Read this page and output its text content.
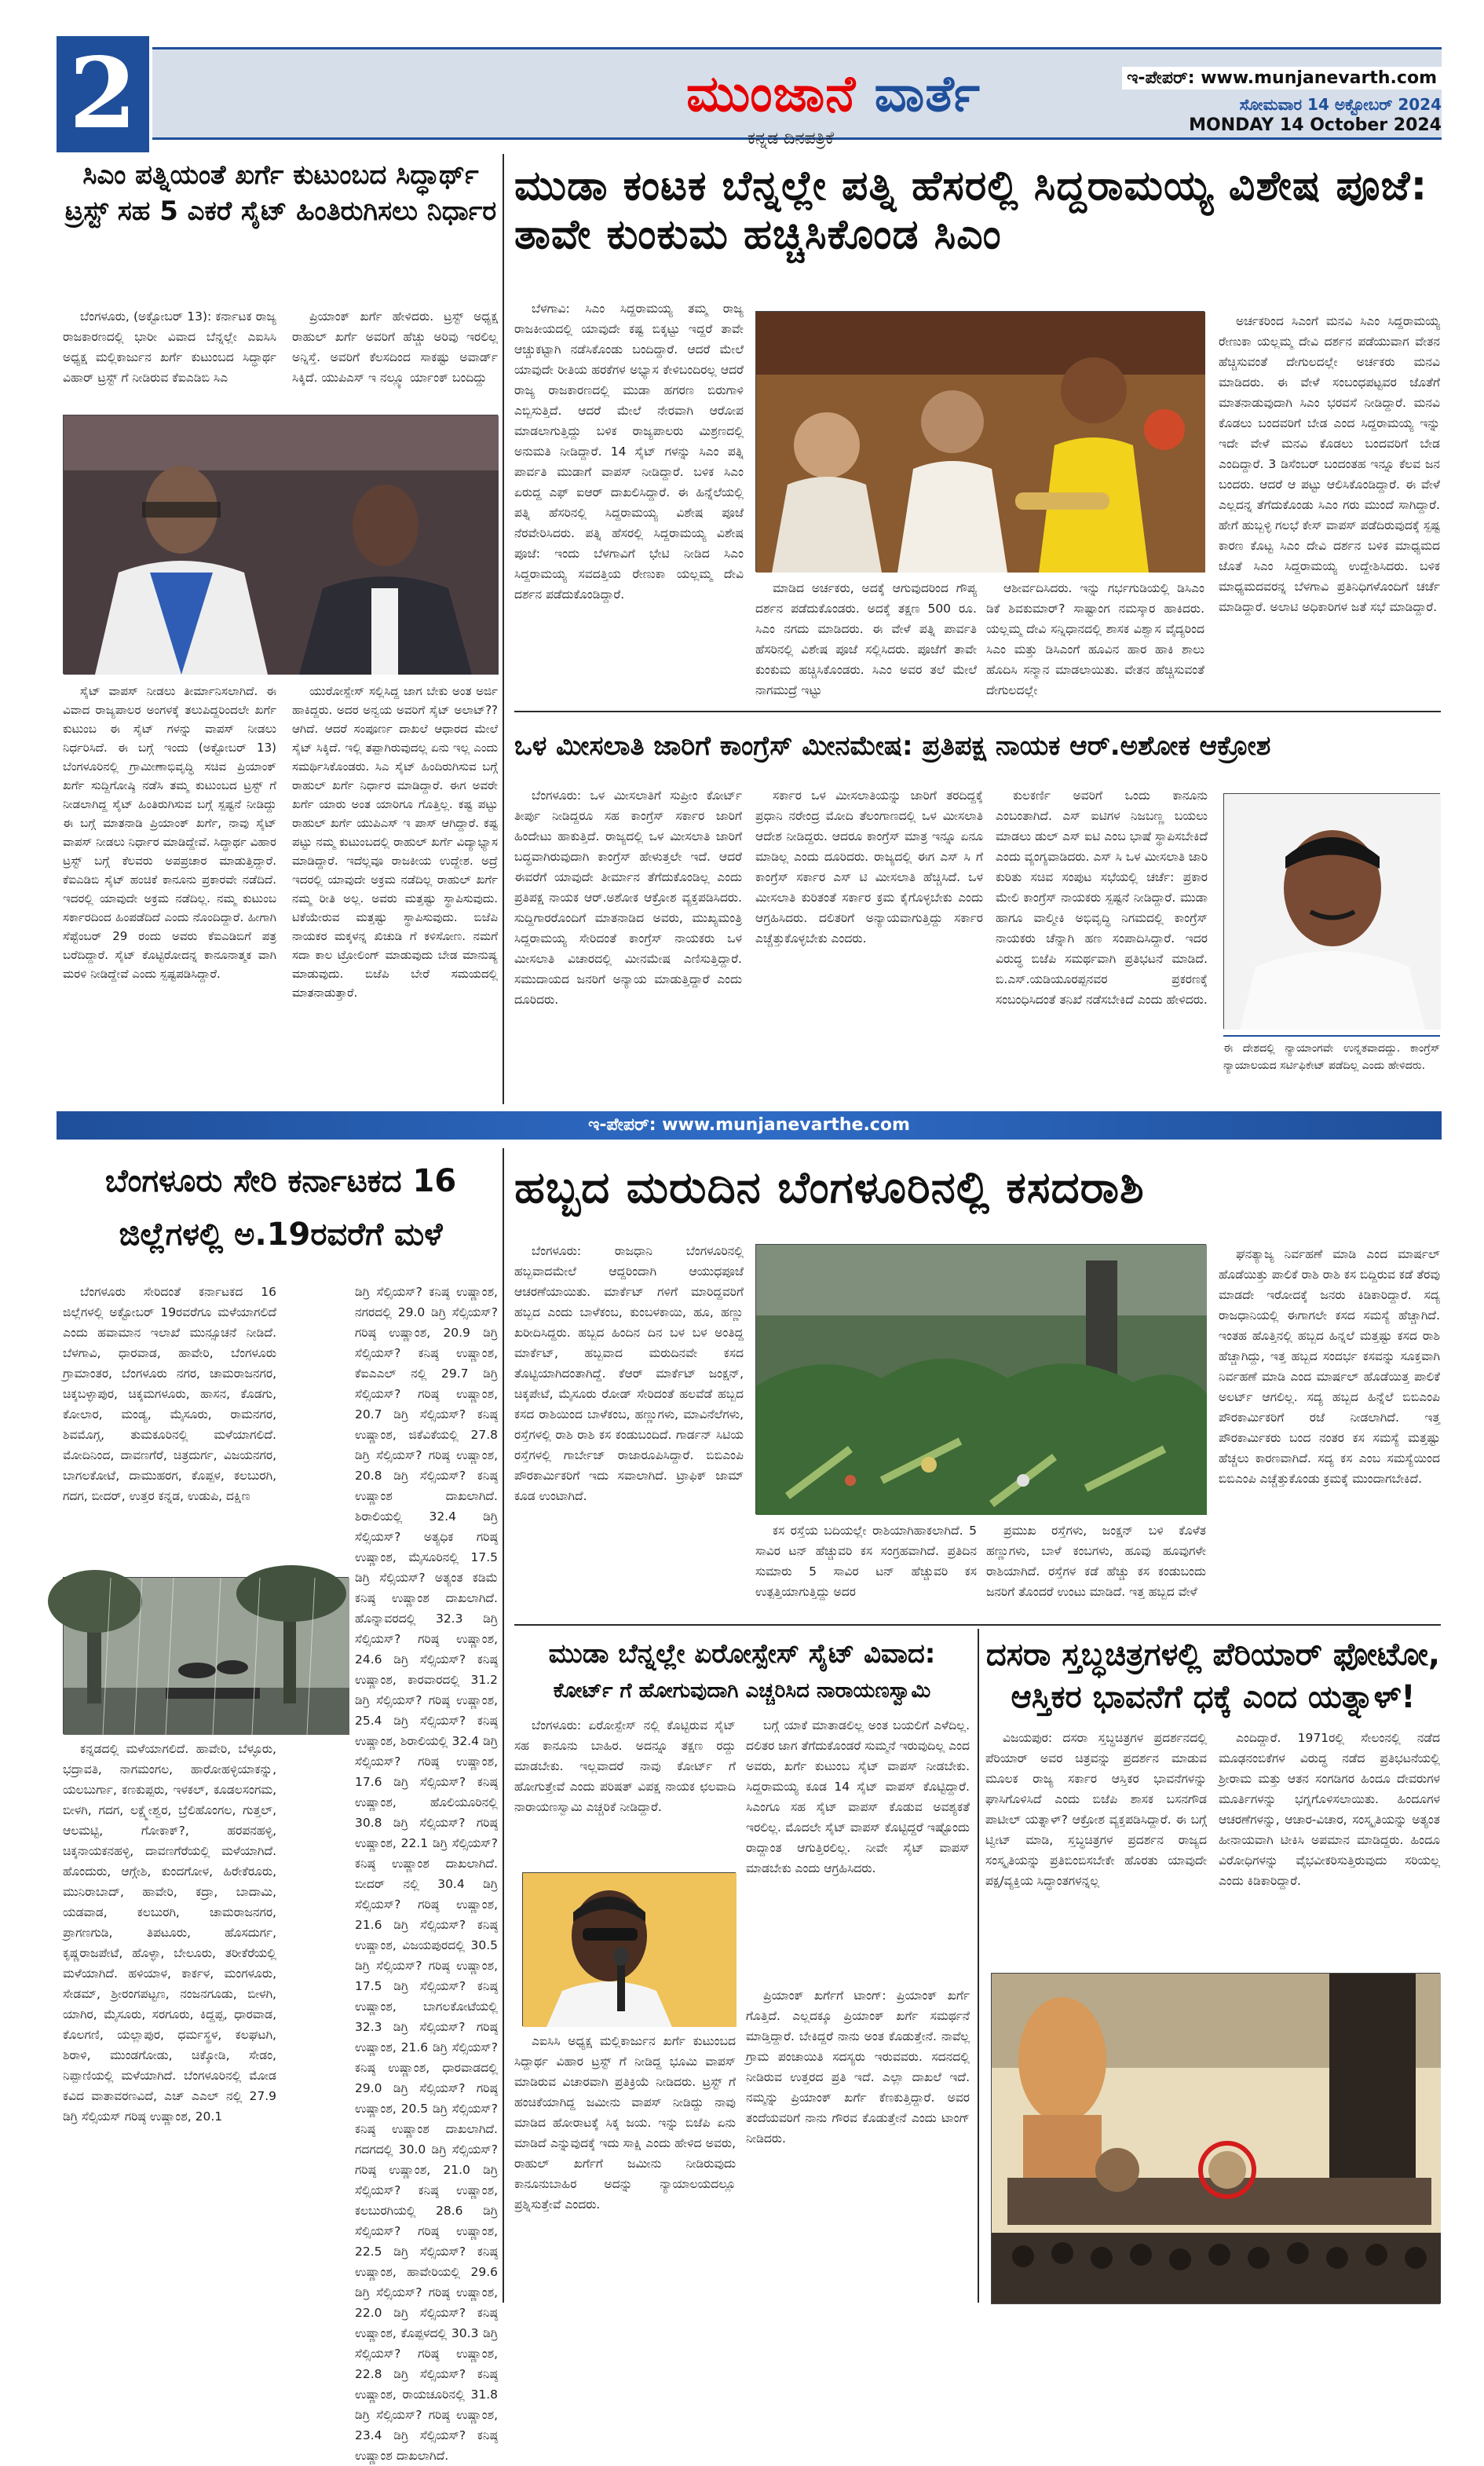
2	ಮುಂಜಾನೆ ವಾರ್ತೆ	ಇ-ಪೇಪರ್: www.munjanevarth.com
ಸೋಮವಾರ 14 ಅಕ್ಟೋಬರ್ 2024
MONDAY 14 October 2024
ಕನ್ನಡ ದಿನಪತ್ರಿಕೆ
ಸಿಎಂ ಪತ್ನಿಯಂತೆ ಖರ್ಗೆ ಕುಟುಂಬದ ಸಿದ್ಧಾರ್ಥ್ ಟ್ರಸ್ಟ್ ಸಹ 5 ಎಕರೆ ಸೈಟ್ ಹಿಂತಿರುಗಿಸಲು ನಿರ್ಧಾರ

ಬೆಂಗಳೂರು, (ಅಕ್ಟೋಬರ್ 13): ಕರ್ನಾಟಕ ರಾಜ್ಯ ರಾಜಕಾರಣದಲ್ಲಿ ಭಾರೀ ವಿವಾದ ಬೆನ್ನಲ್ಲೇ ಎಐಸಿಸಿ ಅಧ್ಯಕ್ಷ ಮಲ್ಲಿಕಾರ್ಜುನ ಖರ್ಗೆ ಕುಟುಂಬದ ಸಿದ್ಧಾರ್ಥ ವಿಹಾರ್ ಟ್ರಸ್ಟ್ ಗೆ ನೀಡಿರುವ ಕೆಐಎಡಿಬಿ ಸಿಎ

ಪ್ರಿಯಾಂಕ್ ಖರ್ಗೆ ಹೇಳಿದರು. ಟ್ರಸ್ಟ್ ಅಧ್ಯಕ್ಷ ರಾಹುಲ್ ಖರ್ಗೆ ಅವರಿಗೆ ಹೆಚ್ಚು ಅರಿವು ಇರಲಿಲ್ಲ ಅನ್ನಿಸ್ತೆ. ಅವರಿಗೆ ಕೆಲಸದಿಂದ ಸಾಕಷ್ಟು ಅವಾರ್ಡ್ ಸಿಕ್ಕಿದೆ. ಯುಪಿಎಸ್ ಇ ನಲ್ಲ್ಯೂ ರ್ಯಾಂಕ್ ಬಂದಿದ್ದು

ಸೈಟ್ ವಾಪಸ್ ನೀಡಲು ತೀರ್ಮಾನಿಸಲಾಗಿದೆ. ಈ ವಿವಾದ ರಾಜ್ಯಪಾಲರ ಅಂಗಳಕ್ಕೆ ತಲುಪಿದ್ದರಿಂದಲೇ ಖರ್ಗೆ ಕುಟುಂಬ ಈ ಸೈಟ್ ಗಳನ್ನು ವಾಪಸ್ ನೀಡಲು ನಿರ್ಧರಿಸಿದೆ. ಈ ಬಗ್ಗೆ ಇಂದು (ಅಕ್ಟೋಬರ್ 13) ಬೆಂಗಳೂರಿನಲ್ಲಿ ಗ್ರಾಮೀಣಾಭಿವೃದ್ಧಿ ಸಚಿವ ಪ್ರಿಯಾಂಕ್ ಖರ್ಗೆ ಸುದ್ದಿಗೋಷ್ಠಿ ನಡೆಸಿ ತಮ್ಮ ಕುಟುಂಬದ ಟ್ರಸ್ಟ್ ಗೆ ನೀಡಲಾಗಿದ್ದ ಸೈಟ್ ಹಿಂತಿರುಗಿಸುವ ಬಗ್ಗೆ ಸ್ಪಷ್ಟನೆ ನೀಡಿದ್ದು ಈ ಬಗ್ಗೆ ಮಾತನಾಡಿ ಪ್ರಿಯಾಂಕ್ ಖರ್ಗೆ, ನಾವು ಸೈಟ್ ವಾಪಸ್ ನೀಡಲು ನಿರ್ಧಾರ ಮಾಡಿದ್ದೇವೆ. ಸಿದ್ಧಾರ್ಥ ವಿಹಾರ ಟ್ರಸ್ಟ್ ಬಗ್ಗೆ ಕೆಲವರು ಅಪಪ್ರಚಾರ ಮಾಡುತ್ತಿದ್ದಾರೆ. ಕೆಐಎಡಿಬಿ ಸೈಟ್ ಹಂಚಿಕೆ ಕಾನೂನು ಪ್ರಕಾರವೇ ನಡೆದಿದೆ. ಇದರಲ್ಲಿ ಯಾವುದೇ ಅಕ್ರಮ ನಡೆದಿಲ್ಲ. ನಮ್ಮ ಕುಟುಂಬ ಸರ್ಕಾರದಿಂದ ಹಿಂಪಡೆದಿದೆ ಎಂದು ನೊಂದಿದ್ದಾರೆ. ಹೀಗಾಗಿ ಸೆಪ್ಟೆಂಬರ್ 29 ರಂದು ಅವರು ಕೆಐಎಡಿಬಿಗೆ ಪತ್ರ ಬರೆದಿದ್ದಾರೆ. ಸೈಟ್ ಕೊಟ್ಟಿರೋದನ್ನ ಕಾನೂನಾತ್ಮಕ ವಾಗಿ ಮರಳಿ ನೀಡಿದ್ದೇವೆ ಎಂದು ಸ್ಪಷ್ಟಪಡಿಸಿದ್ದಾರೆ.

ಯುರೋಸ್ಪೇಸ್ ಸಲ್ಲಿಸಿದ್ದ ಜಾಗ ಬೇಕು ಅಂತ ಅರ್ಜಿ ಹಾಕಿದ್ದರು. ಅದರ ಅನ್ವಯ ಅವರಿಗೆ ಸೈಟ್ ಅಲಾಟ್?? ಆಗಿದೆ. ಆದರೆ ಸಂಪೂರ್ಣ ದಾಖಲೆ ಆಧಾರದ ಮೇಲೆ ಸೈಟ್ ಸಿಕ್ಕಿದೆ. ಇಲ್ಲಿ ತಪ್ಪಾಗಿರುವುದಲ್ಲ ಏನು ಇಲ್ಲ ಎಂದು ಸಮರ್ಥಿಸಿಕೊಂಡರು. ಸಿಎ ಸೈಟ್ ಹಿಂದಿರುಗಿಸುವ ಬಗ್ಗೆ ರಾಹುಲ್ ಖರ್ಗೆ ನಿರ್ಧಾರ ಮಾಡಿದ್ದಾರೆ. ಈಗ ಅವರೇ ಖರ್ಗೆ ಯಾರು ಅಂತ ಯಾರಿಗೂ ಗೊತ್ತಿಲ್ಲ. ಕಷ್ಟ ಪಟ್ಟು ರಾಹುಲ್ ಖರ್ಗೆ ಯುಪಿಎಸ್ ಇ ಪಾಸ್ ಆಗಿದ್ದಾರೆ. ಕಷ್ಟ ಪಟ್ಟು ನಮ್ಮ ಕುಟುಂಬದಲ್ಲಿ ರಾಹುಲ್ ಖರ್ಗೆ ವಿದ್ಯಾಭ್ಯಾಸ ಮಾಡಿದ್ದಾರೆ. ಇದೆಲ್ಲವೂ ರಾಜಕೀಯ ಉದ್ದೇಶ. ಅದ್ರೆ ಇದರಲ್ಲಿ ಯಾವುದೇ ಅಕ್ರಮ ನಡೆದಿಲ್ಲ ರಾಹುಲ್ ಖರ್ಗೆ ನಮ್ಮ ರೀತಿ ಅಲ್ಲ. ಅವರು ಮತ್ತಷ್ಟು ಸ್ಥಾಪಿಸುವುದು. ಟಿಕೆಯೇರುವ ಮತ್ತಷ್ಟು ಸ್ಥಾಪಿಸುವುದು. ಬಿಜೆಪಿ ನಾಯಕರ ಮಕ್ಕಳನ್ನ ಖಿಚುಡಿ ಗೆ ಕಳಿಸೋಣ. ನಮಗೆ ಸದಾ ಕಾಲ ಟ್ರೋಲಿಂಗ್ ಮಾಡುವುದು ಬೇಡ ಮಾನುಷ್ಯ ಮಾಡುವುದು. ಬಿಜೆಪಿ ಬೇರೆ ಸಮಯದಲ್ಲಿ ಮಾತನಾಡುತ್ತಾರೆ.

ಮುಡಾ ಕಂಟಕ ಬೆನ್ನಲ್ಲೇ ಪತ್ನಿ ಹೆಸರಲ್ಲಿ ಸಿದ್ದರಾಮಯ್ಯ ವಿಶೇಷ ಪೂಜೆ: ತಾವೇ ಕುಂಕುಮ ಹಚ್ಚಿಸಿಕೊಂಡ ಸಿಎಂ

ಬೆಳಗಾವಿ: ಸಿಎಂ ಸಿದ್ದರಾಮಯ್ಯ ತಮ್ಮ ರಾಜ್ಯ ರಾಜಕೀಯದಲ್ಲಿ ಯಾವುದೇ ಕಷ್ಟ ಬಿಕ್ಕಟ್ಟು ಇದ್ದರೆ ತಾವೇ ಆಚ್ಚುಕಟ್ಟಾಗಿ ನಡೆಸಿಕೊಂಡು ಬಂದಿದ್ದಾರೆ. ಆದರೆ ಮೇಲೆ ಯಾವುದೇ ರೀತಿಯ ಹರಕೆಗಳ ಅಭ್ಯಾಸ ಕೇಳಿಬಂದಿರಲ್ಲ ಆದರೆ ರಾಜ್ಯ ರಾಜಕಾರಣದಲ್ಲಿ ಮುಡಾ ಹಗರಣ ಬಿರುಗಾಳಿ ಎಬ್ಬಿಸುತ್ತಿದೆ. ಆದರೆ ಮೇಲೆ ನೇರವಾಗಿ ಆರೋಪ ಮಾಡಲಾಗುತ್ತಿದ್ದು ಬಳಿಕ ರಾಜ್ಯಪಾಲರು ಮಿಶ್ರಣದಲ್ಲಿ ಅನುಮತಿ ನೀಡಿದ್ದಾರೆ. 14 ಸೈಟ್ ಗಳನ್ನು ಸಿಎಂ ಪತ್ನಿ ಪಾರ್ವತಿ ಮುಡಾಗೆ ವಾಪಸ್ ನೀಡಿದ್ದಾರೆ. ಬಳಿಕ ಸಿಎಂ ಏರುದ್ದ ಎಫ್ ಐಆರ್ ದಾಖಲಿಸಿದ್ದಾರೆ. ಈ ಹಿನ್ನೆಲೆಯಲ್ಲಿ ಪತ್ನಿ ಹೆಸರಿನಲ್ಲಿ ಸಿದ್ದರಾಮಯ್ಯ ವಿಶೇಷ ಪೂಜೆ ನೆರವೇರಿಸಿದರು. ಪತ್ನಿ ಹೆಸರಲ್ಲಿ ಸಿದ್ದರಾಮಯ್ಯ ವಿಶೇಷ ಪೂಜೆ: ಇಂದು ಬೆಳಗಾವಿಗೆ ಭೇಟಿ ನೀಡಿದ ಸಿಎಂ ಸಿದ್ದರಾಮಯ್ಯ ಸವದತ್ತಿಯ ರೇಣುಕಾ ಯಲ್ಲಮ್ಮ ದೇವಿ ದರ್ಶನ ಪಡೆದುಕೊಂಡಿದ್ದಾರೆ.	ಮಾಡಿದ ಅರ್ಚಕರು, ಅದಕ್ಕೆ ಆಗುವುದರಿಂದ ಗೌಪ್ಯ ದರ್ಶನ ಪಡೆದುಕೊಂಡರು. ಅದಕ್ಕೆ ತಕ್ಷಣ 500 ರೂ. ಸಿಎಂ ನಗದು ಮಾಡಿದರು. ಈ ವೇಳೆ ಪತ್ನಿ ಪಾರ್ವತಿ ಹೆಸರಿನಲ್ಲಿ ವಿಶೇಷ ಪೂಜೆ ಸಲ್ಲಿಸಿದರು. ಪೂಜೆಗೆ ತಾವೇ ಕುಂಕುಮ ಹಚ್ಚಿಸಿಕೊಂಡರು. ಸಿಎಂ ಅವರ ತಲೆ ಮೇಲೆ ನಾಗಮುದ್ರೆ ಇಟ್ಟು

ಆಶೀರ್ವದಿಸಿದರು. ಇನ್ನು ಗರ್ಭಗುಡಿಯಲ್ಲಿ ಡಿಸಿಎಂ ಡಿಕೆ ಶಿವಕುಮಾರ್? ಸಾಷ್ಟಾಂಗ ನಮಸ್ಕಾರ ಹಾಕಿದರು. ಯಲ್ಲಮ್ಮ ದೇವಿ ಸನ್ನಿಧಾನದಲ್ಲಿ ಶಾಸಕ ವಿಶ್ವಾಸ ವೈದ್ಯರಿಂದ ಸಿಎಂ ಮತ್ತು ಡಿಸಿಎಂಗೆ ಹೂವಿನ ಹಾರ ಹಾಕಿ ಶಾಲು ಹೊದಿಸಿ ಸನ್ಮಾನ ಮಾಡಲಾಯಿತು. ವೇತನ ಹೆಚ್ಚಿಸುವಂತೆ ದೇಗುಲದಲ್ಲೇ

ಅರ್ಚಕರಿಂದ ಸಿಎಂಗೆ ಮನವಿ ಸಿಎಂ ಸಿದ್ದರಾಮಯ್ಯ ರೇಣುಕಾ ಯಲ್ಲಮ್ಮ ದೇವಿ ದರ್ಶನ ಪಡೆಯುವಾಗ ವೇತನ ಹೆಚ್ಚಿಸುವಂತೆ ದೇಗುಲದಲ್ಲೇ ಅರ್ಚಕರು ಮನವಿ ಮಾಡಿದರು. ಈ ವೇಳೆ ಸಂಬಂಧಪಟ್ಟವರ ಜೊತೆಗೆ ಮಾತನಾಡುವುದಾಗಿ ಸಿಎಂ ಭರವಸೆ ನೀಡಿದ್ದಾರೆ. ಮನವಿ ಕೊಡಲು ಬಂದವರಿಗೆ ಬೇಡ ಎಂದ ಸಿದ್ದರಾಮಯ್ಯ ಇನ್ನು ಇದೇ ವೇಳೆ ಮನವಿ ಕೊಡಲು ಬಂದವರಿಗೆ ಬೇಡ ಎಂದಿದ್ದಾರೆ. 3 ಡಿಸೆಂಬರ್ ಬಂದಂತಹ ಇನ್ನೂ ಕೆಲವ ಜನ ಬಂದರು. ಆದರೆ ಆ ಪಟ್ಟು ಆಲಿಸಿಕೊಂಡಿದ್ದಾರೆ. ಈ ವೇಳೆ ಎಲ್ಲದನ್ನ ತೆಗೆದುಕೊಂಡು ಸಿಎಂ ಗರು ಮುಂದೆ ಸಾಗಿದ್ದಾರೆ. ಹೇಗೆ ಹುಬ್ಬಳ್ಳಿ ಗಲಭೆ ಕೇಸ್ ವಾಪಸ್ ಪಡೆದಿರುವುದಕ್ಕೆ ಸ್ಪಷ್ಟ ಕಾರಣ ಕೊಟ್ಟ ಸಿಎಂ ದೇವಿ ದರ್ಶನ ಬಳಿಕ ಮಾಧ್ಯಮದ ಜೊತೆ ಸಿಎಂ ಸಿದ್ದರಾಮಯ್ಯ ಉದ್ದೇಶಿಸಿದರು. ಬಳಿಕ ಮಾಧ್ಯಮದವರನ್ನ ಬೆಳಗಾವಿ ಪ್ರತಿನಿಧಿಗಳೊಂದಿಗೆ ಚರ್ಚೆ ಮಾಡಿದ್ದಾರೆ. ಅಲಾಟಿ ಅಧಿಕಾರಿಗಳ ಜತೆ ಸಭೆ ಮಾಡಿದ್ದಾರೆ.

ಒಳ ಮೀಸಲಾತಿ ಜಾರಿಗೆ ಕಾಂಗ್ರೆಸ್ ಮೀನಮೇಷ: ಪ್ರತಿಪಕ್ಷ ನಾಯಕ ಆರ್.ಅಶೋಕ ಆಕ್ರೋಶ

ಬೆಂಗಳೂರು: ಒಳ ಮೀಸಲಾತಿಗೆ ಸುಪ್ರೀಂ ಕೋರ್ಟ್ ತೀರ್ಪು ನೀಡಿದ್ದರೂ ಸಹ ಕಾಂಗ್ರೆಸ್ ಸರ್ಕಾರ ಜಾರಿಗೆ ಹಿಂದೇಟು ಹಾಕುತ್ತಿದೆ. ರಾಜ್ಯದಲ್ಲಿ ಒಳ ಮೀಸಲಾತಿ ಜಾರಿಗೆ ಬದ್ಧವಾಗಿರುವುದಾಗಿ ಕಾಂಗ್ರೆಸ್ ಹೇಳುತ್ತಲೇ ಇದೆ. ಆದರೆ ಈವರೆಗೆ ಯಾವುದೇ ತೀರ್ಮಾನ ತೆಗೆದುಕೊಂಡಿಲ್ಲ ಎಂದು ಪ್ರತಿಪಕ್ಷ ನಾಯಕ ಆರ್.ಅಶೋಕ ಆಕ್ರೋಶ ವ್ಯಕ್ತಪಡಿಸಿದರು. ಸುದ್ದಿಗಾರರೊಂದಿಗೆ ಮಾತನಾಡಿದ ಅವರು, ಮುಖ್ಯಮಂತ್ರಿ ಸಿದ್ದರಾಮಯ್ಯ ಸೇರಿದಂತೆ ಕಾಂಗ್ರೆಸ್ ನಾಯಕರು ಒಳ ಮೀಸಲಾತಿ ವಿಚಾರದಲ್ಲಿ ಮೀನಮೇಷ ಎಣಿಸುತ್ತಿದ್ದಾರೆ. ಸಮುದಾಯದ ಜನರಿಗೆ ಅನ್ಯಾಯ ಮಾಡುತ್ತಿದ್ದಾರೆ ಎಂದು ದೂರಿದರು.

ಸರ್ಕಾರ ಒಳ ಮೀಸಲಾತಿಯನ್ನು ಜಾರಿಗೆ ತರದಿದ್ದಕ್ಕೆ ಪ್ರಧಾನಿ ನರೇಂದ್ರ ಮೋದಿ ತೆಲಂಗಾಣದಲ್ಲಿ ಒಳ ಮೀಸಲಾತಿ ಆದೇಶ ನೀಡಿದ್ದರು. ಆದರೂ ಕಾಂಗ್ರೆಸ್ ಮಾತ್ರ ಇನ್ನೂ ಏನೂ ಮಾಡಿಲ್ಲ ಎಂದು ದೂರಿದರು. ರಾಜ್ಯದಲ್ಲಿ ಈಗ ಎಸ್ ಸಿ ಗೆ ಕಾಂಗ್ರೆಸ್ ಸರ್ಕಾರ ಎಸ್ ಟಿ ಮೀಸಲಾತಿ ಹೆಚ್ಚಿಸಿದೆ. ಒಳ ಮೀಸಲಾತಿ ಕುರಿತಂತೆ ಸರ್ಕಾರ ಕ್ರಮ ಕೈಗೊಳ್ಳಬೇಕು ಎಂದು ಆಗ್ರಹಿಸಿದರು. ದಲಿತರಿಗೆ ಅನ್ಯಾಯವಾಗುತ್ತಿದ್ದು ಸರ್ಕಾರ ಎಚ್ಚೆತ್ತುಕೊಳ್ಳಬೇಕು ಎಂದರು.

ಕುಲಕರ್ಣಿ ಅವರಿಗೆ ಒಂದು ಕಾನೂನು ಎಂಬಂತಾಗಿದೆ. ಎಸ್ ಐಟಿಗಳ ನಿಜಬಣ್ಣ ಬಯಲು ಮಾಡಲು ಡುಲ್ ಎಸ್ ಐಟಿ ಎಂಬ ಭಾಷೆ ಸ್ಥಾಪಿಸಬೇಕಿದೆ ಎಂದು ವ್ಯಂಗ್ಯವಾಡಿದರು. ಎಸ್ ಸಿ ಒಳ ಮೀಸಲಾತಿ ಜಾರಿ ಕುರಿತು ಸಚಿವ ಸಂಪುಟ ಸಭೆಯಲ್ಲಿ ಚರ್ಚೆ: ಪ್ರಕಾರ ಮೇಲಿ ಕಾಂಗ್ರೆಸ್ ನಾಯಕರು ಸ್ಪಷ್ಟನೆ ನೀಡಿದ್ದಾರೆ. ಮುಡಾ ಹಾಗೂ ವಾಲ್ಮೀಕಿ ಅಭಿವೃದ್ಧಿ ನಿಗಮದಲ್ಲಿ ಕಾಂಗ್ರೆಸ್ ನಾಯಕರು ಚೆನ್ನಾಗಿ ಹಣ ಸಂಪಾದಿಸಿದ್ದಾರೆ. ಇದರ ವಿರುದ್ಧ ಬಿಜೆಪಿ ಸಮರ್ಥವಾಗಿ ಪ್ರತಿಭಟನೆ ಮಾಡಿದೆ. ಬಿ.ಎಸ್.ಯಡಿಯೂರಪ್ಪನವರ ಪ್ರಕರಣಕ್ಕೆ ಸಂಬಂಧಿಸಿದಂತೆ ತನಿಖೆ ನಡೆಸಬೇಕಿದೆ ಎಂದು ಹೇಳಿದರು.

ಈ ದೇಶದಲ್ಲಿ ನ್ಯಾಯಾಂಗವೇ ಉನ್ನತವಾದದ್ದು. ಕಾಂಗ್ರೆಸ್ ನ್ಯಾಯಾಲಯದ ಸರ್ಟಿಫಿಕೇಟ್ ಪಡೆದಿಲ್ಲ ಎಂದು ಹೇಳಿದರು.
ಇ-ಪೇಪರ್: www.munjanevarthe.com
ಬೆಂಗಳೂರು ಸೇರಿ ಕರ್ನಾಟಕದ 16 ಜಿಲ್ಲೆಗಳಲ್ಲಿ ಅ.19ರವರೆಗೆ ಮಳೆ

ಬೆಂಗಳೂರು ಸೇರಿದಂತೆ ಕರ್ನಾಟಕದ 16 ಜಿಲ್ಲೆಗಳಲ್ಲಿ ಅಕ್ಟೋಬರ್ 19ರವರೆಗೂ ಮಳೆಯಾಗಲಿದೆ ಎಂದು ಹವಾಮಾನ ಇಲಾಖೆ ಮುನ್ಸೂಚನೆ ನೀಡಿದೆ. ಬೆಳಗಾವಿ, ಧಾರವಾಡ, ಹಾವೇರಿ, ಬೆಂಗಳೂರು ಗ್ರಾಮಾಂತರ, ಬೆಂಗಳೂರು ನಗರ, ಚಾಮರಾಜನಗರ, ಚಿಕ್ಕಬಳ್ಳಾಪುರ, ಚಿಕ್ಕಮಗಳೂರು, ಹಾಸನ, ಕೊಡಗು, ಕೋಲಾರ, ಮಂಡ್ಯ, ಮೈಸೂರು, ರಾಮನಗರ, ಶಿವಮೊಗ್ಗ, ತುಮಕೂರಿನಲ್ಲಿ ಮಳೆಯಾಗಲಿದೆ. ಮೋದಿನಿಂದ, ದಾವಣಗೆರೆ, ಚಿತ್ರದುರ್ಗ, ವಿಜಯನಗರ, ಬಾಗಲಕೋಟೆ, ದಾಮುಹರಗ, ಕೊಪ್ಪಳ, ಕಲಬುರಗಿ, ಗದಗ, ಬೀದರ್, ಉತ್ತರ ಕನ್ನಡ, ಉಡುಪಿ, ದಕ್ಷಿಣ

ಕನ್ನಡದಲ್ಲಿ ಮಳೆಯಾಗಲಿದೆ. ಹಾವೇರಿ, ಬೆಳ್ಳೂರು, ಭದ್ರಾವತಿ, ನಾಗಮಂಗಲ, ಹಾರೋಹಳ್ಳಿಯಾಕನ್ನು, ಯಲಬುರ್ಗಾ, ಕಣಕುಪ್ಪರು, ಇಳಕಲ್, ಕೂಡಲಸಂಗಮ, ಬೀಳಗಿ, ಗದಗ, ಲಕ್ಷ್ಮೇಶ್ವರ, ಬ್ರೆಲಿಹೊಂಗಲ, ಗುತ್ತಲ್, ಆಲಮಟ್ಟಿ, ಗೋಕಾಕ್?, ಹರಪನಹಳ್ಳಿ, ಚಿಕ್ಕನಾಯಕನಹಳ್ಳಿ, ದಾವಣಗೆರೆಯಲ್ಲಿ ಮಳೆಯಾಗಿದೆ. ಹೊಂದುರು, ಆಗ್ಗೇಶಿ, ಕುಂದಗೋಳ, ಹಿರೇಕೆರೂರು, ಮುನಿರಾಬಾದ್, ಹಾವೇರಿ, ಕದ್ರಾ, ಬಾದಾಮಿ, ಯಡವಾಡ, ಕಲಬುರಗಿ, ಚಾಮರಾಜನಗರ, ಪ್ರಾಗಣಗುಡಿ, ತಿಪಟೂರು, ಹೊಸದುರ್ಗ, ಕೃಷ್ಣರಾಜಪೇಟೆ, ಹೊಳ್ಳಾ, ಬೇಲೂರು, ತರೀಕೆರೆಯಲ್ಲಿ ಮಳೆಯಾಗಿದೆ. ಹಳಿಯಾಳ, ಕಾರ್ಕಳ, ಮಂಗಳೂರು, ಸೇಡಮ್, ಶ್ರೀರಂಗಪಟ್ಟಣ, ನಂಜನಗೂಡು, ಬೀಳಗಿ, ಯಾಗಿರ, ಮೈಸೂರು, ಸರಗೂರು, ಕಿದ್ದಪ್ಪ, ಧಾರವಾಡ, ಕೊಲಗಣಿ, ಯಲ್ಲಾಪುರ, ಧರ್ಮಸ್ಥಳ, ಕಲಘಟಗಿ, ಶಿರಾಳಿ, ಮುಂಡಗೋಡು, ಚಿಕ್ಕೋಡಿ, ಸೇಡಂ, ನಿಪ್ಪಾಣಿಯಲ್ಲಿ ಮಳೆಯಾಗಿದೆ. ಬೆಂಗಳೂರಿನಲ್ಲಿ ಮೋಡ ಕವಿದ ವಾತಾವರಣವಿದೆ, ಎಚ್ ಎಎಲ್ ನಲ್ಲಿ 27.9 ಡಿಗ್ರಿ ಸೆಲ್ಸಿಯಸ್ ಗರಿಷ್ಠ ಉಷ್ಣಾಂಶ, 20.1

ಡಿಗ್ರಿ ಸೆಲ್ಸಿಯಸ್? ಕನಿಷ್ಠ ಉಷ್ಣಾಂಶ, ನಗರದಲ್ಲಿ 29.0 ಡಿಗ್ರಿ ಸೆಲ್ಸಿಯಸ್? ಗರಿಷ್ಠ ಉಷ್ಣಾಂಶ, 20.9 ಡಿಗ್ರಿ ಸೆಲ್ಸಿಯಸ್? ಕನಿಷ್ಠ ಉಷ್ಣಾಂಶ, ಕೆಐಎಎಲ್ ನಲ್ಲಿ 29.7 ಡಿಗ್ರಿ ಸೆಲ್ಸಿಯಸ್? ಗರಿಷ್ಠ ಉಷ್ಣಾಂಶ, 20.7 ಡಿಗ್ರಿ ಸೆಲ್ಸಿಯಸ್? ಕನಿಷ್ಠ ಉಷ್ಣಾಂಶ, ಜಿಕೆವಿಕೆಯಲ್ಲಿ 27.8 ಡಿಗ್ರಿ ಸೆಲ್ಸಿಯಸ್? ಗರಿಷ್ಠ ಉಷ್ಣಾಂಶ, 20.8 ಡಿಗ್ರಿ ಸೆಲ್ಸಿಯಸ್? ಕನಿಷ್ಠ ಉಷ್ಣಾಂಶ ದಾಖಲಾಗಿದೆ. ಶಿರಾಲಿಯಲ್ಲಿ 32.4 ಡಿಗ್ರಿ ಸೆಲ್ಸಿಯಸ್? ಅತ್ಯಧಿಕ ಗರಿಷ್ಠ ಉಷ್ಣಾಂಶ, ಮೈಸೂರಿನಲ್ಲಿ 17.5 ಡಿಗ್ರಿ ಸೆಲ್ಸಿಯಸ್? ಅತ್ಯಂತ ಕಡಿಮೆ ಕನಿಷ್ಠ ಉಷ್ಣಾಂಶ ದಾಖಲಾಗಿದೆ. ಹೊನ್ನಾವರದಲ್ಲಿ 32.3 ಡಿಗ್ರಿ ಸೆಲ್ಸಿಯಸ್? ಗರಿಷ್ಠ ಉಷ್ಣಾಂಶ, 24.6 ಡಿಗ್ರಿ ಸೆಲ್ಸಿಯಸ್? ಕನಿಷ್ಠ ಉಷ್ಣಾಂಶ, ಕಾರವಾರದಲ್ಲಿ 31.2 ಡಿಗ್ರಿ ಸೆಲ್ಸಿಯಸ್? ಗರಿಷ್ಠ ಉಷ್ಣಾಂಶ, 25.4 ಡಿಗ್ರಿ ಸೆಲ್ಸಿಯಸ್? ಕನಿಷ್ಠ ಉಷ್ಣಾಂಶ, ಶಿರಾಲಿಯಲ್ಲಿ 32.4 ಡಿಗ್ರಿ ಸೆಲ್ಸಿಯಸ್? ಗರಿಷ್ಠ ಉಷ್ಣಾಂಶ, 17.6 ಡಿಗ್ರಿ ಸೆಲ್ಸಿಯಸ್? ಕನಿಷ್ಠ ಉಷ್ಣಾಂಶ, ಹೊಲಿಯೂರಿನಲ್ಲಿ 30.8 ಡಿಗ್ರಿ ಸೆಲ್ಸಿಯಸ್? ಗರಿಷ್ಠ ಉಷ್ಣಾಂಶ, 22.1 ಡಿಗ್ರಿ ಸೆಲ್ಸಿಯಸ್? ಕನಿಷ್ಠ ಉಷ್ಣಾಂಶ ದಾಖಲಾಗಿದೆ. ಬೀದರ್ ನಲ್ಲಿ 30.4 ಡಿಗ್ರಿ ಸೆಲ್ಸಿಯಸ್? ಗರಿಷ್ಠ ಉಷ್ಣಾಂಶ, 21.6 ಡಿಗ್ರಿ ಸೆಲ್ಸಿಯಸ್? ಕನಿಷ್ಠ ಉಷ್ಣಾಂಶ, ವಿಜಯಪುರದಲ್ಲಿ 30.5 ಡಿಗ್ರಿ ಸೆಲ್ಸಿಯಸ್? ಗರಿಷ್ಠ ಉಷ್ಣಾಂಶ, 17.5 ಡಿಗ್ರಿ ಸೆಲ್ಸಿಯಸ್? ಕನಿಷ್ಠ ಉಷ್ಣಾಂಶ, ಬಾಗಲಕೋಟೆಯಲ್ಲಿ 32.3 ಡಿಗ್ರಿ ಸೆಲ್ಸಿಯಸ್? ಗರಿಷ್ಠ ಉಷ್ಣಾಂಶ, 21.6 ಡಿಗ್ರಿ ಸೆಲ್ಸಿಯಸ್? ಕನಿಷ್ಠ ಉಷ್ಣಾಂಶ, ಧಾರವಾಡದಲ್ಲಿ 29.0 ಡಿಗ್ರಿ ಸೆಲ್ಸಿಯಸ್? ಗರಿಷ್ಠ ಉಷ್ಣಾಂಶ, 20.5 ಡಿಗ್ರಿ ಸೆಲ್ಸಿಯಸ್? ಕನಿಷ್ಠ ಉಷ್ಣಾಂಶ ದಾಖಲಾಗಿದೆ. ಗದಗದಲ್ಲಿ 30.0 ಡಿಗ್ರಿ ಸೆಲ್ಸಿಯಸ್? ಗರಿಷ್ಠ ಉಷ್ಣಾಂಶ, 21.0 ಡಿಗ್ರಿ ಸೆಲ್ಸಿಯಸ್? ಕನಿಷ್ಠ ಉಷ್ಣಾಂಶ, ಕಲಬುರಗಿಯಲ್ಲಿ 28.6 ಡಿಗ್ರಿ ಸೆಲ್ಸಿಯಸ್? ಗರಿಷ್ಠ ಉಷ್ಣಾಂಶ, 22.5 ಡಿಗ್ರಿ ಸೆಲ್ಸಿಯಸ್? ಕನಿಷ್ಠ ಉಷ್ಣಾಂಶ, ಹಾವೇರಿಯಲ್ಲಿ 29.6 ಡಿಗ್ರಿ ಸೆಲ್ಸಿಯಸ್? ಗರಿಷ್ಠ ಉಷ್ಣಾಂಶ, 22.0 ಡಿಗ್ರಿ ಸೆಲ್ಸಿಯಸ್? ಕನಿಷ್ಠ ಉಷ್ಣಾಂಶ, ಕೊಪ್ಪಳದಲ್ಲಿ 30.3 ಡಿಗ್ರಿ ಸೆಲ್ಸಿಯಸ್? ಗರಿಷ್ಠ ಉಷ್ಣಾಂಶ, 22.8 ಡಿಗ್ರಿ ಸೆಲ್ಸಿಯಸ್? ಕನಿಷ್ಠ ಉಷ್ಣಾಂಶ, ರಾಯಚೂರಿನಲ್ಲಿ 31.8 ಡಿಗ್ರಿ ಸೆಲ್ಸಿಯಸ್? ಗರಿಷ್ಠ ಉಷ್ಣಾಂಶ, 23.4 ಡಿಗ್ರಿ ಸೆಲ್ಸಿಯಸ್? ಕನಿಷ್ಠ ಉಷ್ಣಾಂಶ ದಾಖಲಾಗಿದೆ.

ಹಬ್ಬದ ಮರುದಿನ ಬೆಂಗಳೂರಿನಲ್ಲಿ ಕಸದರಾಶಿ

ಬೆಂಗಳೂರು: ರಾಜಧಾನಿ ಬೆಂಗಳೂರಿನಲ್ಲಿ ಹಬ್ಬವಾದಮೇಲೆ ಆದ್ದರಿಂದಾಗಿ ಆಯುಧಪೂಜೆ ಆಚರಣೆಯಾಯಿತು. ಮಾರ್ಕೆಟ್ ಗಳಿಗೆ ಮಾರಿದ್ದವರಿಗೆ ಹಬ್ಬದ ಎಂದು ಬಾಳೆಕಂಬ, ಕುಂಬಳಕಾಯಿ, ಹೂ, ಹಣ್ಣು ಖರೀದಿಸಿದ್ದರು. ಹಬ್ಬದ ಹಿಂದಿನ ದಿನ ಬಳ ಬಳ ಅಂತಿದ್ದ ಮಾರ್ಕೆಟ್, ಹಬ್ಬವಾದ ಮರುದಿನವೇ ಕಸದ ತೊಟ್ಟಿಯಾಗಿದಂತಾಗಿದ್ದೆ. ಕೆಆರ್ ಮಾರ್ಕೆಟ್ ಜಂಕ್ಷನ್, ಚಿಕ್ಕಪೇಟೆ, ಮೈಸೂರು ರೋಡ್ ಸೇರಿದಂತೆ ಹಲವೆಡೆ ಹಬ್ಬದ ಕಸದ ರಾಶಿಯಿಂದ ಬಾಳೆಕಂಬ, ಹಣ್ಣುಗಳು, ಮಾವಿನೆಲೆಗಳು, ರಸ್ತೆಗಳಲ್ಲಿ ರಾಶಿ ರಾಶಿ ಕಸ ಕಂಡುಬಂದಿದೆ. ಗಾರ್ಡನ್ ಸಿಟಿಯ ರಸ್ತೆಗಳಲ್ಲಿ ಗಾರ್ಬೇಜ್ ರಾಜಾರೂಪಿಸಿದ್ದಾರೆ. ಬಿಬಿಎಂಪಿ ಪೌರಕಾರ್ಮಿಕರಿಗೆ ಇದು ಸವಾಲಾಗಿದೆ. ಟ್ರಾಫಿಕ್ ಜಾಮ್ ಕೂಡ ಉಂಟಾಗಿದೆ.

ಕಸ ರಸ್ತೆಯ ಬದಿಯಲ್ಲೇ ರಾಶಿಯಾಗಿಹಾಕಲಾಗಿದೆ. 5 ಸಾವಿರ ಟನ್ ಹೆಚ್ಚುವರಿ ಕಸ ಸಂಗ್ರಹವಾಗಿದೆ. ಪ್ರತಿದಿನ ಸುಮಾರು 5 ಸಾವಿರ ಟನ್ ಹೆಚ್ಚುವರಿ ಕಸ ಉತ್ಪತ್ತಿಯಾಗುತ್ತಿದ್ದು ಅದರ

ಪ್ರಮುಖ ರಸ್ತೆಗಳು, ಜಂಕ್ಷನ್ ಬಳಿ ಕೊಳೆತ ಹಣ್ಣುಗಳು, ಬಾಳೆ ಕಂಬಗಳು, ಹೂವು ಹೂವುಗಳೇ ರಾಶಿಯಾಗಿದೆ. ರಸ್ತೆಗಳ ಕಡೆ ಹೆಚ್ಚು ಕಸ ಕಂಡುಬಂದು ಜನರಿಗೆ ತೊಂದರೆ ಉಂಟು ಮಾಡಿದೆ. ಇತ್ತ ಹಬ್ಬದ ವೇಳೆ

ಘನತ್ಯಾಜ್ಯ ನಿರ್ವಹಣೆ ಮಾಡಿ ಎಂದ ಮಾರ್ಷಲ್ ಹೊಡೆಯಿತ್ತು ಪಾಲಿಕೆ ರಾಶಿ ರಾಶಿ ಕಸ ಬಿದ್ದಿರುವ ಕಡೆ ತೆರವು ಮಾಡದೇ ಇರೋದಕ್ಕೆ ಜನರು ಕಿಡಿಕಾರಿದ್ದಾರೆ. ಸದ್ಯ ರಾಜಧಾನಿಯಲ್ಲಿ ಈಗಾಗಲೇ ಕಸದ ಸಮಸ್ಯೆ ಹೆಚ್ಚಾಗಿದೆ. ಇಂತಹ ಹೊತ್ತಿನಲ್ಲಿ ಹಬ್ಬದ ಹಿನ್ನಲೆ ಮತ್ತಷ್ಟು ಕಸದ ರಾಶಿ ಹೆಚ್ಚಾಗಿದ್ದು, ಇತ್ತ ಹಬ್ಬದ ಸಂದರ್ಭ ಕಸವನ್ನು ಸೂಕ್ತವಾಗಿ ನಿರ್ವಹಣೆ ಮಾಡಿ ಎಂದ ಮಾರ್ಷಲ್ ಹೊಡೆಯಿತ್ತ ಪಾಲಿಕೆ ಅಲರ್ಟ್ ಆಗಲಿಲ್ಲ. ಸದ್ಯ ಹಬ್ಬದ ಹಿನ್ನೆಲೆ ಬಿಬಿಎಂಪಿ ಪೌರಕಾರ್ಮಿಕರಿಗೆ ರಜೆ ನೀಡಲಾಗಿದೆ. ಇತ್ತ ಪೌರಕಾರ್ಮಿಕರು ಬಂದ ನಂತರ ಕಸ ಸಮಸ್ಯೆ ಮತ್ತಷ್ಟು ಹೆಚ್ಚಲು ಕಾರಣವಾಗಿದೆ. ಸದ್ಯ ಕಸ ಎಂಬ ಸಮಸ್ಯೆಯಿಂದ ಬಿಬಿಎಂಪಿ ಎಚ್ಚೆತ್ತುಕೊಂಡು ಕ್ರಮಕ್ಕೆ ಮುಂದಾಗಬೇಕಿದೆ.

ಮುಡಾ ಬೆನ್ನಲ್ಲೇ ಏರೋಸ್ಪೇಸ್ ಸೈಟ್ ವಿವಾದ:
ಕೋರ್ಟ್ ಗೆ ಹೋಗುವುದಾಗಿ ಎಚ್ಚರಿಸಿದ ನಾರಾಯಣಸ್ವಾಮಿ

ಬೆಂಗಳೂರು: ಏರೋಸ್ಪೇಸ್ ನಲ್ಲಿ ಕೊಟ್ಟಿರುವ ಸೈಟ್ ಸಹ ಕಾನೂನು ಬಾಹಿರ. ಅದನ್ನೂ ತಕ್ಷಣ ರದ್ದು ಮಾಡಬೇಕು. ಇಲ್ಲವಾದರೆ ನಾವು ಕೋರ್ಟ್ ಗೆ ಹೋಗುತ್ತೇವೆ ಎಂದು ಪರಿಷತ್ ವಿಪಕ್ಷ ನಾಯಕ ಛಲವಾದಿ ನಾರಾಯಣಸ್ವಾಮಿ ಎಚ್ಚರಿಕೆ ನೀಡಿದ್ದಾರೆ.

ಎಐಸಿಸಿ ಅಧ್ಯಕ್ಷ ಮಲ್ಲಿಕಾರ್ಜುನ ಖರ್ಗೆ ಕುಟುಂಬದ ಸಿದ್ದಾರ್ಥ ವಿಹಾರ ಟ್ರಸ್ಟ್ ಗೆ ನೀಡಿದ್ದ ಭೂಮಿ ವಾಪಸ್ ಮಾಡಿರುವ ವಿಚಾರವಾಗಿ ಪ್ರತಿಕ್ರಿಯೆ ನೀಡಿದರು. ಟ್ರಸ್ಟ್ ಗೆ ಹಂಚಿಕೆಯಾಗಿದ್ದ ಜಮೀನು ವಾಪಸ್ ನೀಡಿದ್ದು ನಾವು ಮಾಡಿದ ಹೋರಾಟಕ್ಕೆ ಸಿಕ್ಕ ಜಯ. ಇನ್ನು ಬಿಜೆಪಿ ಏನು ಮಾಡಿದೆ ಎನ್ನುವುದಕ್ಕೆ ಇದು ಸಾಕ್ಷಿ ಎಂದು ಹೇಳಿದ ಅವರು, ರಾಹುಲ್ ಖರ್ಗೆಗೆ ಜಮೀನು ನೀಡಿರುವುದು ಕಾನೂನುಬಾಹಿರ ಅದನ್ನು ನ್ಯಾಯಾಲಯದಲ್ಲೂ ಪ್ರಶ್ನಿಸುತ್ತೇವೆ ಎಂದರು.

ಬಗ್ಗೆ ಯಾಕೆ ಮಾತಾಡಲಿಲ್ಲ ಅಂತ ಬಯಲಿಗೆ ಎಳೆದಿಲ್ಲ. ದಲಿತರ ಜಾಗ ತೆಗೆದುಕೊಂಡರೆ ಸುಮ್ಮನೆ ಇರುವುದಿಲ್ಲ ಎಂದ ಅವರು, ಖರ್ಗೆ ಕುಟುಂಬ ಸೈಟ್ ವಾಪಸ್ ನೀಡಬೇಕು. ಸಿದ್ದರಾಮಯ್ಯ ಕೂಡ 14 ಸೈಟ್ ವಾಪಸ್ ಕೊಟ್ಟಿದ್ದಾರೆ. ಸಿಎಂಗೂ ಸಹ ಸೈಟ್ ವಾಪಸ್ ಕೊಡುವ ಅವಶ್ಯಕತೆ ಇರಲಿಲ್ಲ. ಮೊದಲೇ ಸೈಟ್ ವಾಪಸ್ ಕೊಟ್ಟಿದ್ದರೆ ಇಷ್ಟೊಂದು ರಾದ್ದಾಂತ ಆಗುತ್ತಿರಲಿಲ್ಲ. ನೀವೇ ಸೈಟ್ ವಾಪಸ್ ಮಾಡಬೇಕು ಎಂದು ಆಗ್ರಹಿಸಿದರು.

ಪ್ರಿಯಾಂಕ್ ಖರ್ಗೆಗೆ ಟಾಂಗ್: ಪ್ರಿಯಾಂಕ್ ಖರ್ಗೆ ಗೊತ್ತಿದೆ. ಎಲ್ಲದಕ್ಕೂ ಪ್ರಿಯಾಂಕ್ ಖರ್ಗೆ ಸಮರ್ಥನೆ ಮಾಡ್ತಿದ್ದಾರೆ. ಬೇಕಿದ್ದರೆ ನಾನು ಅಂತ ಕೊಡುತ್ತೇನೆ. ನಾವೆಲ್ಲ ಗ್ರಾಮ ಪಂಚಾಯಿತಿ ಸದಸ್ಯರು ಇರುವವರು. ಸದನದಲ್ಲಿ ನೀಡಿರುವ ಉತ್ತರದ ಪ್ರತಿ ಇದೆ. ಎಲ್ಲಾ ದಾಖಲೆ ಇದೆ. ನಮ್ಮನ್ನು ಪ್ರಿಯಾಂಕ್ ಖರ್ಗೆ ಕೆಣಕುತ್ತಿದ್ದಾರೆ. ಅವರ ತಂದೆಯವರಿಗೆ ನಾನು ಗೌರವ ಕೊಡುತ್ತೇನೆ ಎಂದು ಟಾಂಗ್ ನೀಡಿದರು.

ದಸರಾ ಸ್ತಬ್ಧಚಿತ್ರಗಳಲ್ಲಿ ಪೆರಿಯಾರ್ ಫೋಟೋ, ಆಸ್ತಿಕರ ಭಾವನೆಗೆ ಧಕ್ಕೆ ಎಂದ ಯತ್ನಾಳ್!

ವಿಜಯಪುರ: ದಸರಾ ಸ್ತಬ್ಧಚಿತ್ರಗಳ ಪ್ರದರ್ಶನದಲ್ಲಿ ಪೆರಿಯಾರ್ ಅವರ ಚಿತ್ರವನ್ನು ಪ್ರದರ್ಶನ ಮಾಡುವ ಮೂಲಕ ರಾಜ್ಯ ಸರ್ಕಾರ ಆಸ್ತಿಕರ ಭಾವನೆಗಳನ್ನು ಘಾಸಿಗೊಳಿಸಿದೆ ಎಂದು ಬಿಜೆಪಿ ಶಾಸಕ ಬಸನಗೌಡ ಪಾಟೀಲ್ ಯತ್ನಾಳ್? ಆಕ್ರೋಶ ವ್ಯಕ್ತಪಡಿಸಿದ್ದಾರೆ. ಈ ಬಗ್ಗೆ ಟ್ವೀಟ್ ಮಾಡಿ, ಸ್ತಬ್ಧಚಿತ್ರಗಳ ಪ್ರದರ್ಶನ ರಾಜ್ಯದ ಸಂಸ್ಕೃತಿಯನ್ನು ಪ್ರತಿಬಿಂಬಿಸಬೇಕೇ ಹೊರತು ಯಾವುದೇ ಪಕ್ಷ/ವ್ಯಕ್ತಿಯ ಸಿದ್ಧಾಂತಗಳನ್ನಲ್ಲ

ಎಂದಿದ್ದಾರೆ. 1971ರಲ್ಲಿ ಸೇಲಂನಲ್ಲಿ ನಡೆದ ಮೂಢನಂಬಿಕೆಗಳ ವಿರುದ್ಧ ನಡೆದ ಪ್ರತಿಭಟನೆಯಲ್ಲಿ ಶ್ರೀರಾಮ ಮತ್ತು ಆತನ ಸಂಗಡಿಗರ ಹಿಂದೂ ದೇವರುಗಳ ಮೂರ್ತಿಗಳನ್ನು ಭಗ್ನಗೊಳಿಸಲಾಯಿತು. ಹಿಂದೂಗಳ ಆಚರಣೆಗಳನ್ನು, ಆಚಾರ-ವಿಚಾರ, ಸಂಸ್ಕೃತಿಯನ್ನು ಅತ್ಯಂತ ಹೀನಾಯವಾಗಿ ಟೀಕಿಸಿ ಅಪಮಾನ ಮಾಡಿದ್ದರು. ಹಿಂದೂ ವಿರೋಧಿಗಳನ್ನು ವೈಭವೀಕರಿಸುತ್ತಿರುವುದು ಸರಿಯಲ್ಲ ಎಂದು ಕಿಡಿಕಾರಿದ್ದಾರೆ.
